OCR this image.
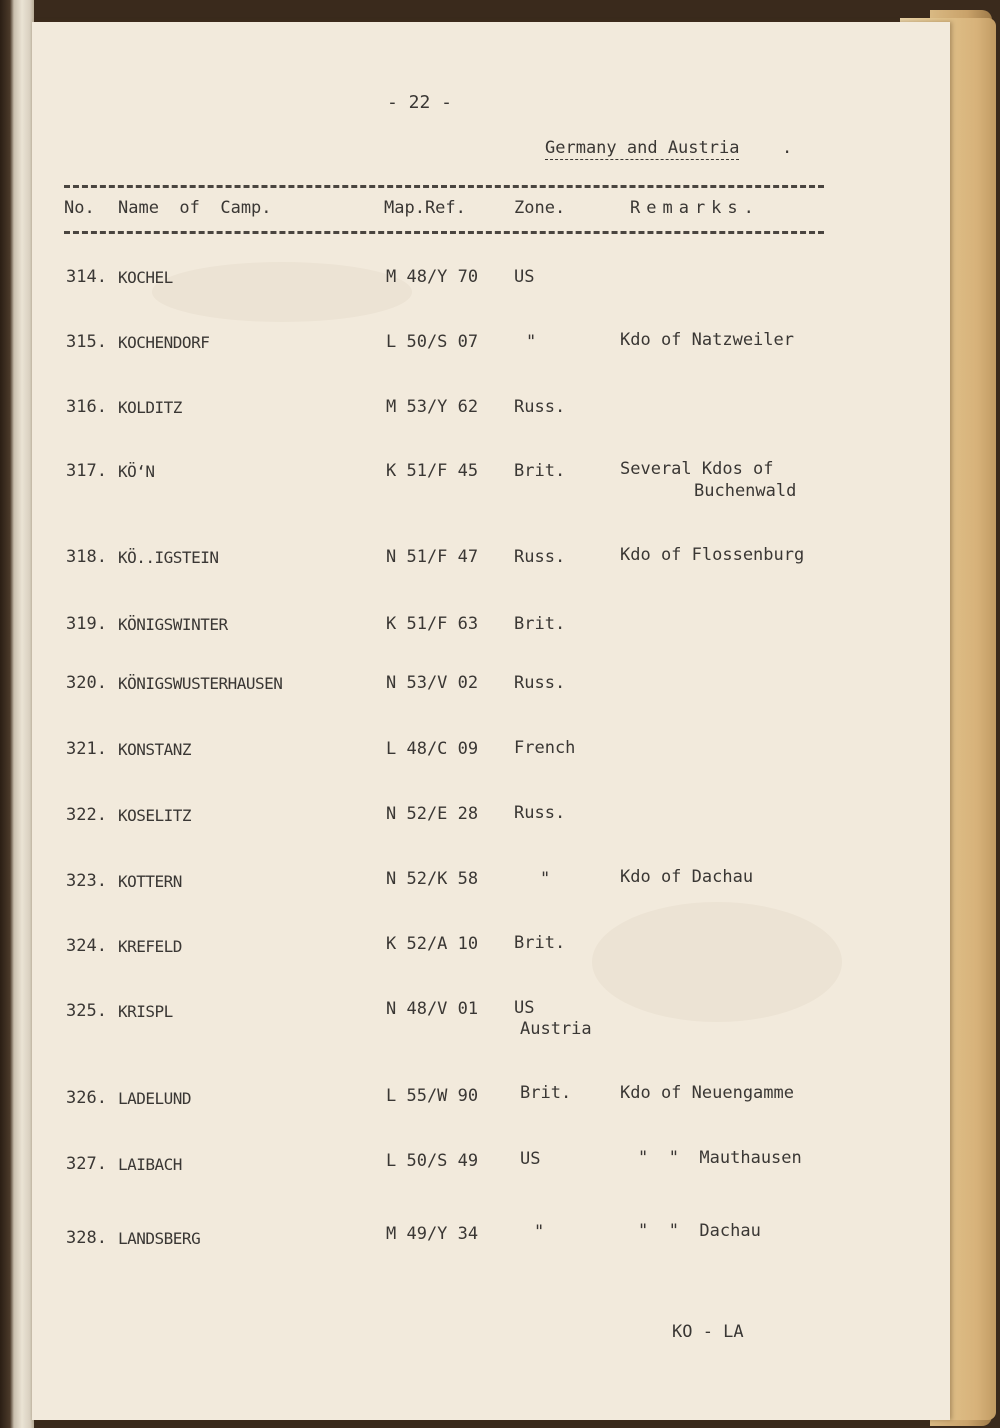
- 22 -
Germany and Austria	.
No. Name  of  Camp.	Map.Ref.	Zone.	Remarks.
314. KOCHEL	M 48/Y 70 US
315. KOCHENDORF	L 50/S 07	"	Kdo of Natzweiler
316. KOLDITZ	M 53/Y 62 Russ.
317. KÖ‘N	K 51/F 45 Brit.	Several Kdos of
Buchenwald
318. KÖ..IGSTEIN	N 51/F 47 Russ.	Kdo of Flossenburg
319. KÖNIGSWINTER	K 51/F 63 Brit.
320. KÖNIGSWUSTERHAUSEN	N 53/V 02 Russ.
321. KONSTANZ	L 48/C 09 French
322. KOSELITZ	N 52/E 28 Russ.
323. KOTTERN	N 52/K 58	"	Kdo of Dachau
324. KREFELD	K 52/A 10 Brit.
325. KRISPL	N 48/V 01 US
Austria
326. LADELUND	L 55/W 90 Brit.	Kdo of Neuengamme
327. LAIBACH	L 50/S 49 US	"  "  Mauthausen
328. LANDSBERG	M 49/Y 34	"	"  "  Dachau
KO - LA
